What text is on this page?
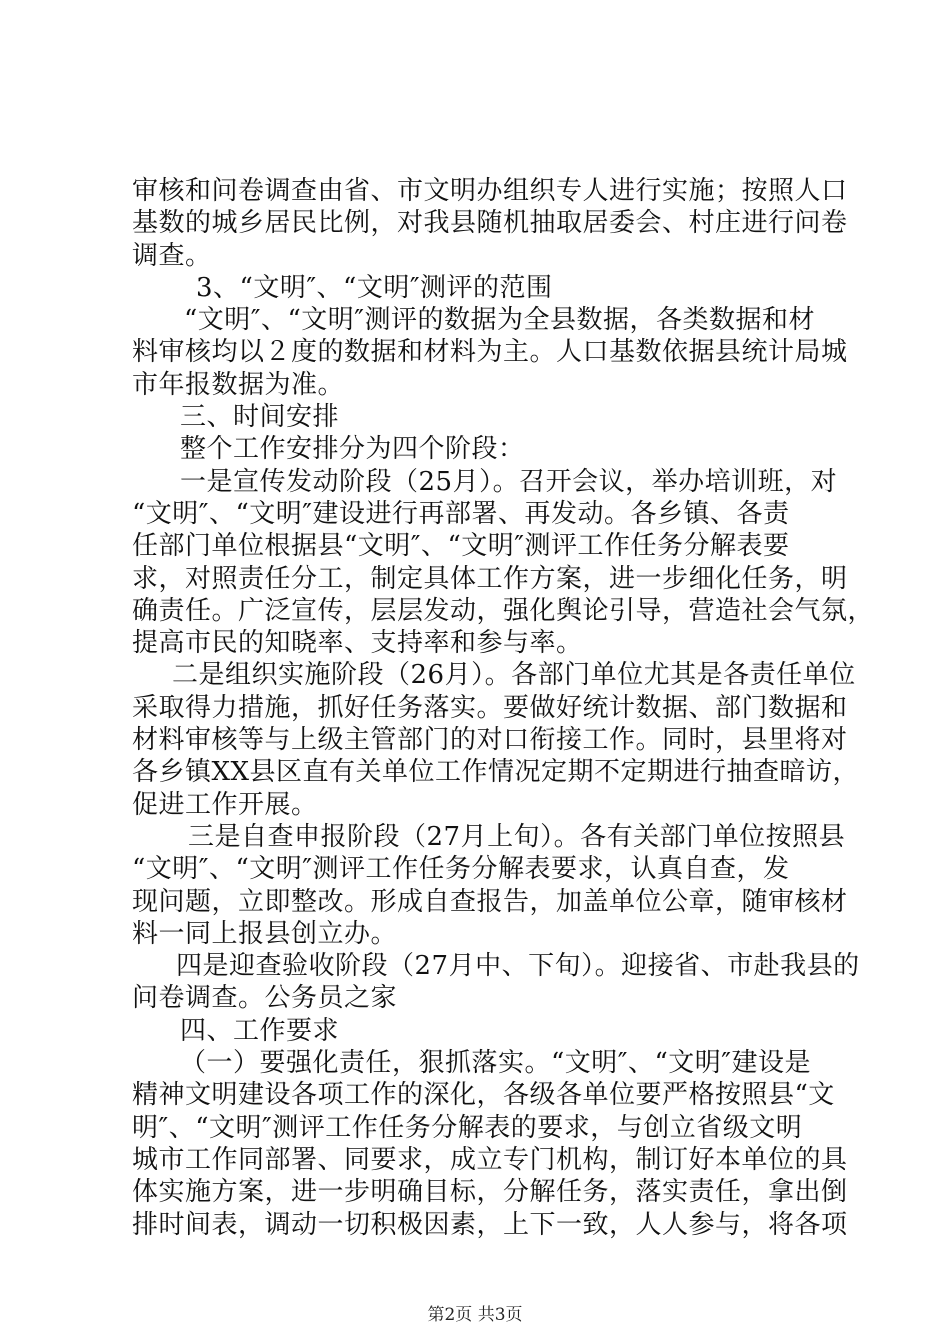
审核和问卷调查由省、市文明办组织专人进行实施；按照人口
基数的城乡居民比例，对我县随机抽取居委会、村庄进行问卷
调查。
3、“文明″、“文明″测评的范围
“文明″、“文明″测评的数据为全县数据，各类数据和材
料审核均以２度的数据和材料为主。人口基数依据县统计局城
市年报数据为准。
三、时间安排
整个工作安排分为四个阶段：
一是宣传发动阶段（25月）。召开会议，举办培训班，对
“文明″、“文明″建设进行再部署、再发动。各乡镇、各责
任部门单位根据县“文明″、“文明″测评工作任务分解表要
求，对照责任分工，制定具体工作方案，进一步细化任务，明
确责任。广泛宣传，层层发动，强化舆论引导，营造社会气氛，
提高市民的知晓率、支持率和参与率。
二是组织实施阶段（26月）。各部门单位尤其是各责任单位
采取得力措施，抓好任务落实。要做好统计数据、部门数据和
材料审核等与上级主管部门的对口衔接工作。同时，县里将对
各乡镇XX县区直有关单位工作情况定期不定期进行抽查暗访，
促进工作开展。
三是自查申报阶段（27月上旬）。各有关部门单位按照县
“文明″、“文明″测评工作任务分解表要求，认真自查，发
现问题，立即整改。形成自查报告，加盖单位公章，随审核材
料一同上报县创立办。
四是迎查验收阶段（27月中、下旬）。迎接省、市赴我县的
问卷调查。公务员之家
四、工作要求
（一）要强化责任，狠抓落实。“文明″、“文明″建设是
精神文明建设各项工作的深化，各级各单位要严格按照县“文
明″、“文明″测评工作任务分解表的要求，与创立省级文明
城市工作同部署、同要求，成立专门机构，制订好本单位的具
体实施方案，进一步明确目标，分解任务，落实责任，拿出倒
排时间表，调动一切积极因素，上下一致，人人参与，将各项
第2页 共3页
